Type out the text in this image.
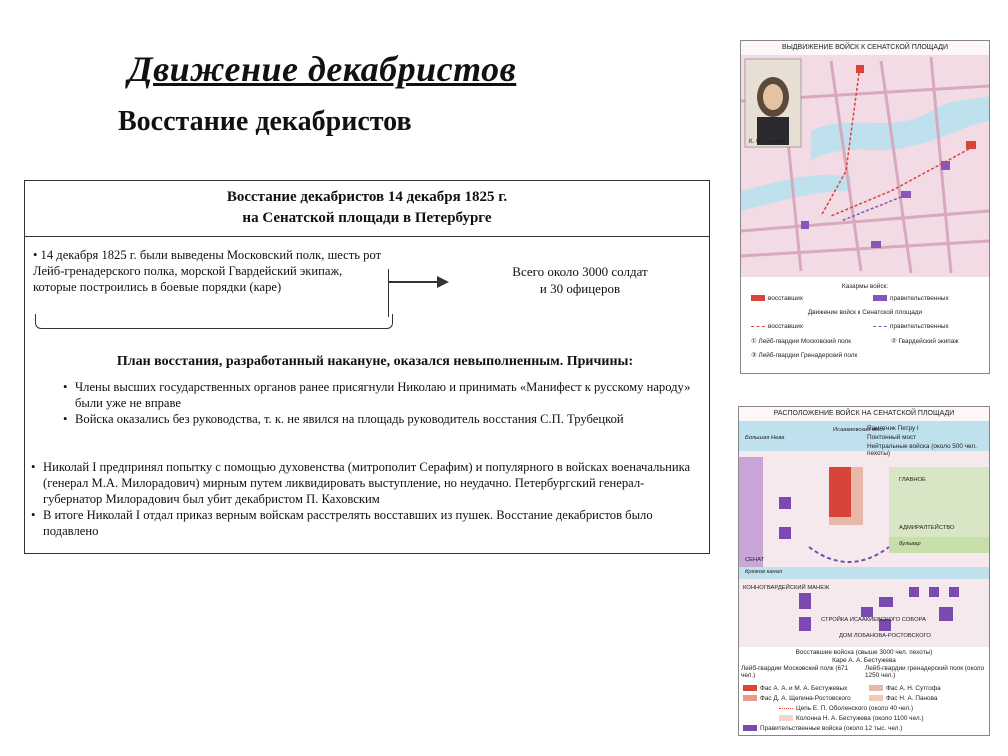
Движение декабристов
Восстание декабристов
Восстание декабристов 14 декабря 1825 г.
на Сенатской площади в Петербурге
• 14 декабря 1825 г. были выведены Московский полк, шесть рот Лейб-гренадерского полка, морской Гвардейский экипаж, которые построились в боевые порядки (каре)
Всего около 3000 солдат
и 30 офицеров
План восстания, разработанный накануне, оказался невыполненным. Причины:
• Члены высших государственных органов ранее присягнули Николаю и принимать «Манифест к русскому народу» были уже не вправе
• Войска оказались без руководства, т. к. не явился на площадь руководитель восстания С.П. Трубецкой
• Николай I предпринял попытку с помощью духовенства (митрополит Серафим) и популярного в войсках военачальника (генерал М.А. Милорадович) мирным путем ликвидировать выступление, но неудачно. Петербургский генерал-губернатор Милорадович был убит декабристом П. Каховским
• В итоге Николай I отдал приказ верным войскам расстрелять восставших из пушек. Восстание декабристов было подавлено
ВЫДВИЖЕНИЕ ВОЙСК К СЕНАТСКОЙ ПЛОЩАДИ
К. Ф. Рылеев
Казармы войск:
восставших	правительственных
Движение войск к Сенатской площади
восставших	правительственных
① Лейб-гвардии Московский полк	② Гвардейский экипаж
③ Лейб-гвардии Гренадерский полк
РАСПОЛОЖЕНИЕ ВОЙСК НА СЕНАТСКОЙ ПЛОЩАДИ
Большая Нева
Исаакиевский мост
ГЛАВНОЕ
АДМИРАЛТЕЙСТВО
бульвар
СЕНАТ
Крюков канал
КОННОГВАРДЕЙСКИЙ МАНЕЖ
СТРОЙКА ИСААКИЕВСКОГО СОБОРА
ДОМ ЛОБАНОВА-РОСТОВСКОГО
Памятник Петру I
Понтонный мост
Нейтральные войска (около 500 чел. пехоты)
Восставшие войска (свыше 3000 чел. пехоты)
Каре А. А. Бестужева
Лейб-гвардии Московский полк (671 чел.)
Лейб-гвардии гренадерский полк (около 1250 чел.)
Фас А. А. и М. А. Бестужевых	Фас А. Н. Сутгофа
Фас Д. А. Щепина-Ростовского	Фас Н. А. Панова
Цепь Е. П. Оболенского (около 40 чел.)
Колонна Н. А. Бестужева (около 1100 чел.)
Правительственные войска (около 12 тыс. чел.)
